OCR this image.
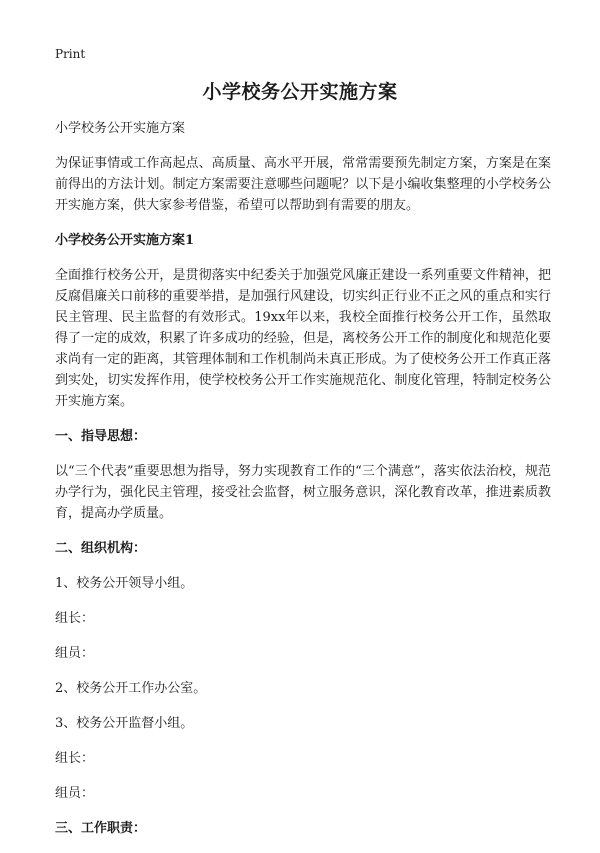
Print
小学校务公开实施方案

小学校务公开实施方案

为保证事情或工作高起点、高质量、高水平开展，常常需要预先制定方案，方案是在案前得出的方法计划。制定方案需要注意哪些问题呢？以下是小编收集整理的小学校务公开实施方案，供大家参考借鉴，希望可以帮助到有需要的朋友。

小学校务公开实施方案1

全面推行校务公开，是贯彻落实中纪委关于加强党风廉正建设一系列重要文件精神，把反腐倡廉关口前移的重要举措，是加强行风建设，切实纠正行业不正之风的重点和实行民主管理、民主监督的有效形式。19xx年以来，我校全面推行校务公开工作，虽然取得了一定的成效，积累了许多成功的经验，但是，离校务公开工作的制度化和规范化要求尚有一定的距离，其管理体制和工作机制尚未真正形成。为了使校务公开工作真正落到实处，切实发挥作用，使学校校务公开工作实施规范化、制度化管理，特制定校务公开实施方案。

一、指导思想：

以“三个代表”重要思想为指导，努力实现教育工作的“三个满意”，落实依法治校，规范办学行为，强化民主管理，接受社会监督，树立服务意识，深化教育改革，推进素质教育，提高办学质量。

二、组织机构：

1、校务公开领导小组。

组长：

组员：

2、校务公开工作办公室。

3、校务公开监督小组。

组长：

组员：

三、工作职责：
